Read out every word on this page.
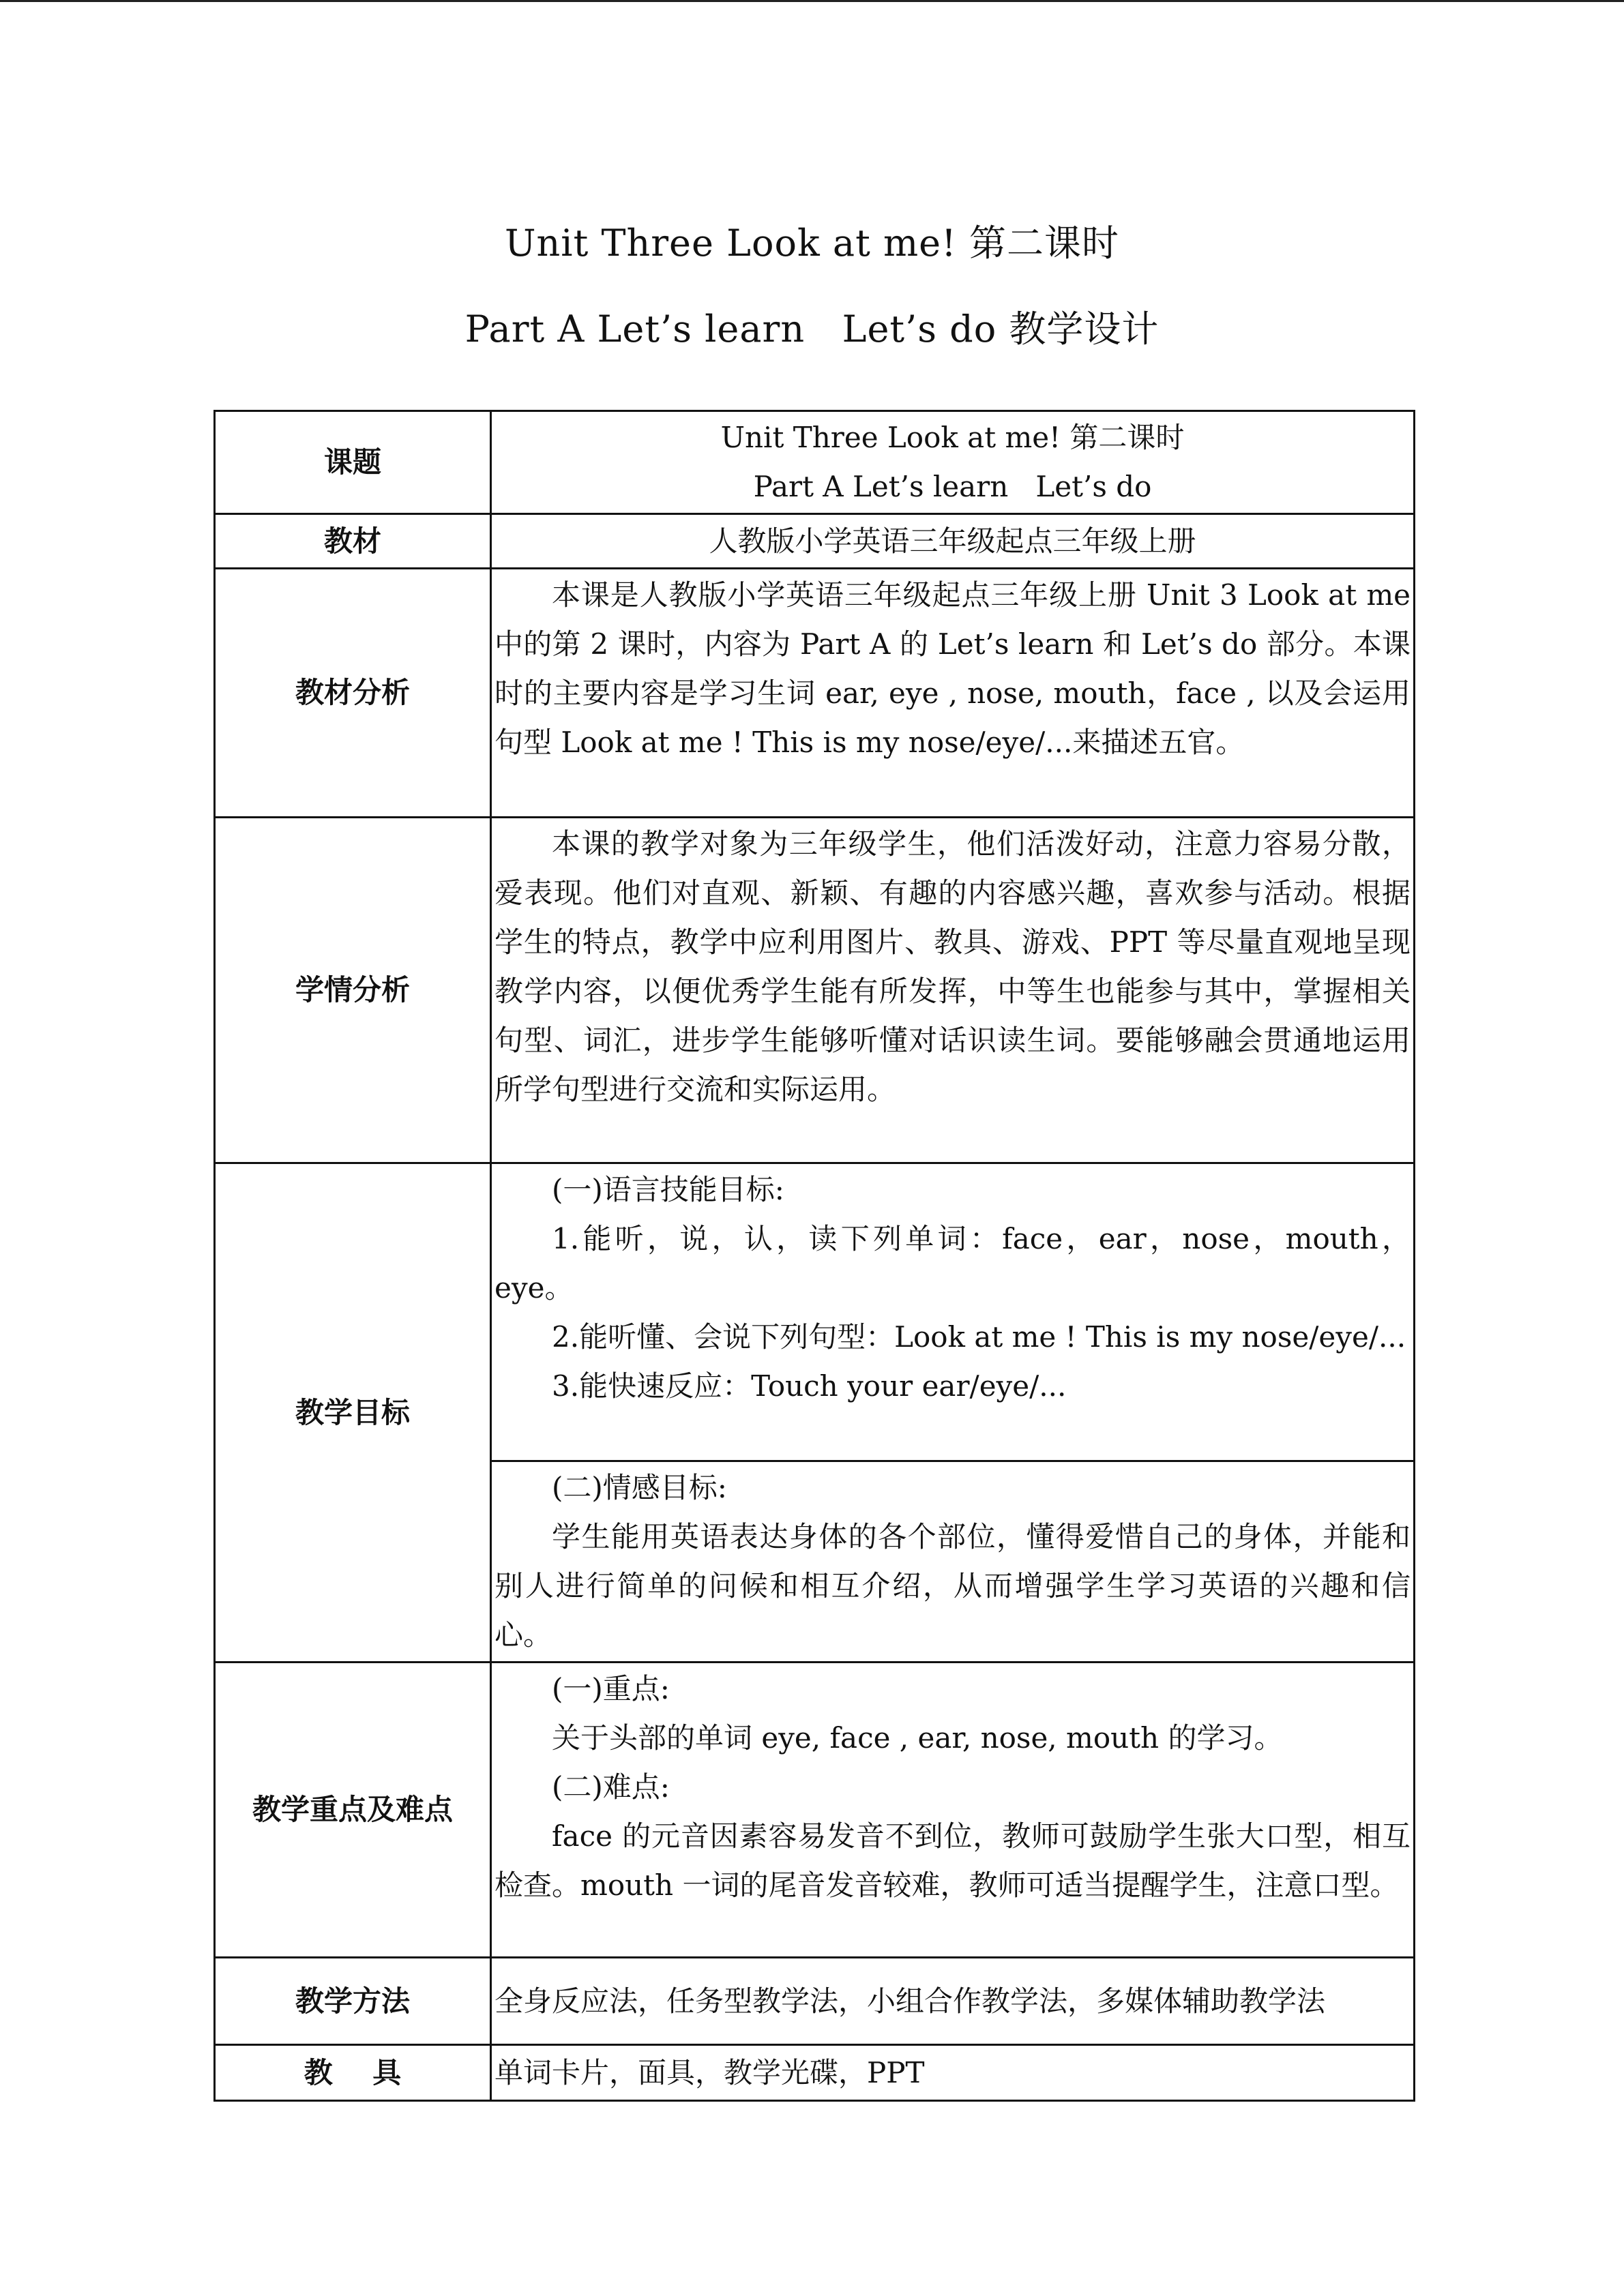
Unit Three Look at me! 第二课时
Part A Let’s learn   Let’s do 教学设计
课题	Unit Three Look at me! 第二课时
Part A Let’s learn   Let’s do

教材	人教版小学英语三年级起点三年级上册
教材分析	本课是人教版小学英语三年级起点三年级上册 Unit 3 Look at me 中的第 2 课时，内容为 Part A 的 Let’s learn 和 Let’s do 部分。本课时的主要内容是学习生词 ear, eye , nose, mouth，face , 以及会运用句型 Look at me ! This is my nose/eye/...来描述五官。

学情分析	本课的教学对象为三年级学生，他们活泼好动，注意力容易分散，爱表现。他们对直观、新颖、有趣的内容感兴趣，喜欢参与活动。根据学生的特点，教学中应利用图片、教具、游戏、PPT 等尽量直观地呈现教学内容，以便优秀学生能有所发挥，中等生也能参与其中，掌握相关句型、词汇，进步学生能够听懂对话识读生词。要能够融会贯通地运用所学句型进行交流和实际运用。

教学目标	(一)语言技能目标:

1.能听，说，认，读下列单词：face，ear，nose，mouth，eye。

2.能听懂、会说下列句型：Look at me ! This is my nose/eye/...

3.能快速反应：Touch your ear/eye/...

	(二)情感目标:

学生能用英语表达身体的各个部位，懂得爱惜自己的身体，并能和别人进行简单的问候和相互介绍，从而增强学生学习英语的兴趣和信心。

教学重点及难点	(一)重点:

关于头部的单词 eye, face , ear, nose, mouth 的学习。

(二)难点:

face 的元音因素容易发音不到位，教师可鼓励学生张大口型，相互检查。mouth 一词的尾音发音较难，教师可适当提醒学生，注意口型。

教学方法	全身反应法，任务型教学法，小组合作教学法，多媒体辅助教学法

教    具	单词卡片，面具，教学光碟，PPT
